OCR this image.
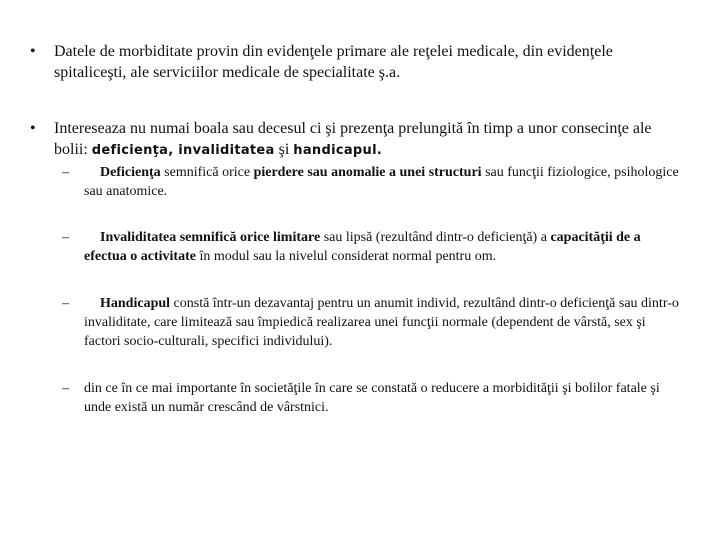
• Datele de morbiditate provin din evidenţele primare ale reţelei medicale, din evidenţele spitaliceşti, ale serviciilor medicale de specialitate ş.a.
• Intereseaza nu numai boala sau decesul ci şi prezenţa prelungită în timp a unor consecinţe ale bolii: deficienţa, invaliditatea şi handicapul.
–	Deficienţa semnifică orice pierdere sau anomalie a unei structuri sau funcţii fiziologice, psihologice sau anatomice.
–	Invaliditatea semnifică orice limitare sau lipsă (rezultând dintr-o deficienţă) a capacităţii de a efectua o activitate în modul sau la nivelul considerat normal pentru om.
–	Handicapul constă într-un dezavantaj pentru un anumit individ, rezultând dintr-o deficienţă sau dintr-o invaliditate, care limitează sau împiedică realizarea unei funcţii normale (dependent de vârstă, sex şi factori socio-culturali, specifici individului).
– din ce în ce mai importante în societăţile în care se constată o reducere a morbidităţii şi bolilor fatale şi unde există un număr crescând de vârstnici.
